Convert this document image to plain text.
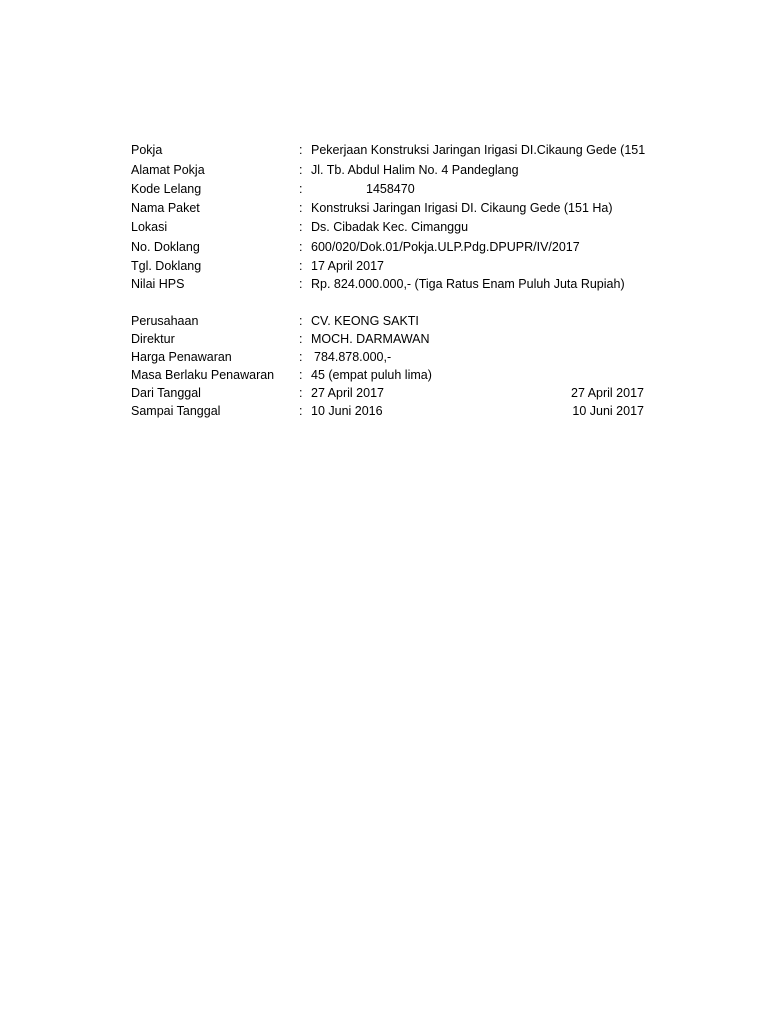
Pokja	: Pekerjaan Konstruksi Jaringan Irigasi DI.Cikaung Gede (151
Alamat Pokja	: Jl. Tb. Abdul Halim No. 4 Pandeglang
Kode Lelang	:	1458470
Nama Paket	: Konstruksi Jaringan Irigasi DI. Cikaung Gede (151 Ha)
Lokasi	: Ds. Cibadak Kec. Cimanggu
No. Doklang	: 600/020/Dok.01/Pokja.ULP.Pdg.DPUPR/IV/2017
Tgl. Doklang	: 17 April 2017
Nilai HPS	: Rp. 824.000.000,- (Tiga Ratus Enam Puluh Juta Rupiah)
Perusahaan	: CV. KEONG SAKTI
Direktur	: MOCH. DARMAWAN
Harga Penawaran	: 784.878.000,-
Masa Berlaku Penawaran : 45 (empat puluh lima)
Dari Tanggal	: 27 April 2017	27 April 2017
Sampai Tanggal	: 10 Juni 2016	10 Juni 2017
